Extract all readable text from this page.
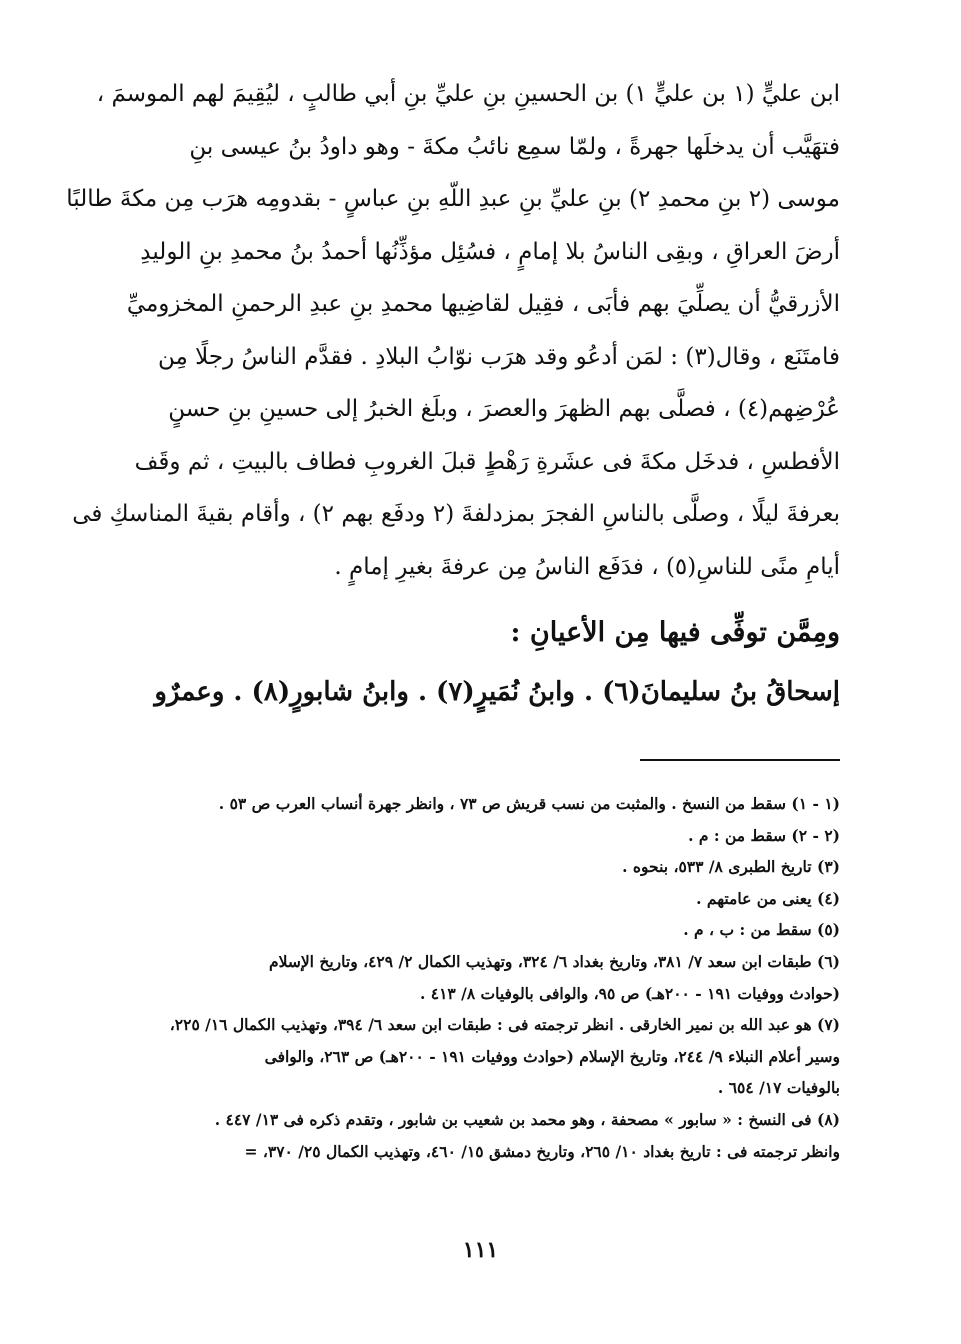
ابن عليٍّ (١ بن عليٍّ ١) بن الحسينِ بنِ عليِّ بنِ أبي طالبٍ ، ليُقِيمَ لهم الموسمَ ،
فتهَيَّب أن يدخلَها جهرةً ، ولمّا سمِع نائبُ مكةَ - وهو داودُ بنُ عيسى بنِ
موسى (٢ بنِ محمدِ ٢) بنِ عليِّ بنِ عبدِ اللّهِ بنِ عباسٍ - بقدومِه هرَب مِن مكةَ طالبًا
أرضَ العراقِ ، وبقِى الناسُ بلا إمامٍ ، فسُئِل مؤذِّنُها أحمدُ بنُ محمدِ بنِ الوليدِ
الأزرقيُّ أن يصلِّيَ بهم فأبَى ، فقِيل لقاضِيها محمدِ بنِ عبدِ الرحمنِ المخزوميِّ
فامتَنَع ، وقال(٣) : لمَن أدعُو وقد هرَب نوّابُ البلادِ . فقدَّم الناسُ رجلًا مِن
عُرْضِهم(٤) ، فصلَّى بهم الظهرَ والعصرَ ، وبلَغ الخبرُ إلى حسينِ بنِ حسنٍ
الأفطسِ ، فدخَل مكةَ فى عشَرةِ رَهْطٍ قبلَ الغروبِ فطاف بالبيتِ ، ثم وقَف
بعرفةَ ليلًا ، وصلَّى بالناسِ الفجرَ بمزدلفةَ (٢ ودفَع بهم ٢) ، وأقام بقيةَ المناسكِ فى
أيامِ منًى للناسِ(٥) ، فدَفَع الناسُ مِن عرفةَ بغيرِ إمامٍ .
ومِمَّن توفِّى فيها مِن الأعيانِ :
إسحاقُ بنُ سليمانَ(٦) . وابنُ نُمَيرٍ(٧) . وابنُ شابورٍ(٨) . وعمرٌو
(١ - ١) سقط من النسخ . والمثبت من نسب قريش ص ٧٣ ، وانظر جهرة أنساب العرب ص ٥٣ .
(٢ - ٢) سقط من : م .
(٣) تاريخ الطبرى ٨/ ٥٣٣، بنحوه .
(٤) يعنى من عامتهم .
(٥) سقط من : ب ، م .
(٦) طبقات ابن سعد ٧/ ٣٨١، وتاريخ بغداد ٦/ ٣٢٤، وتهذيب الكمال ٢/ ٤٢٩، وتاريخ الإسلام
(حوادث ووفيات ١٩١ - ٢٠٠هـ) ص ٩٥، والوافى بالوفيات ٨/ ٤١٣ .
(٧) هو عبد الله بن نمير الخارقى . انظر ترجمته فى : طبقات ابن سعد ٦/ ٣٩٤، وتهذيب الكمال ١٦/ ٢٢٥،
وسير أعلام النبلاء ٩/ ٢٤٤، وتاريخ الإسلام (حوادث ووفيات ١٩١ - ٢٠٠هـ) ص ٢٦٣، والوافى
بالوفيات ١٧/ ٦٥٤ .
(٨) فى النسخ : « سابور » مصحفة ، وهو محمد بن شعيب بن شابور ، وتقدم ذكره فى ١٣/ ٤٤٧ .
وانظر ترجمته فى : تاريخ بغداد ١٠/ ٢٦٥، وتاريخ دمشق ١٥/ ٤٦٠، وتهذيب الكمال ٢٥/ ٣٧٠، =
١١١
